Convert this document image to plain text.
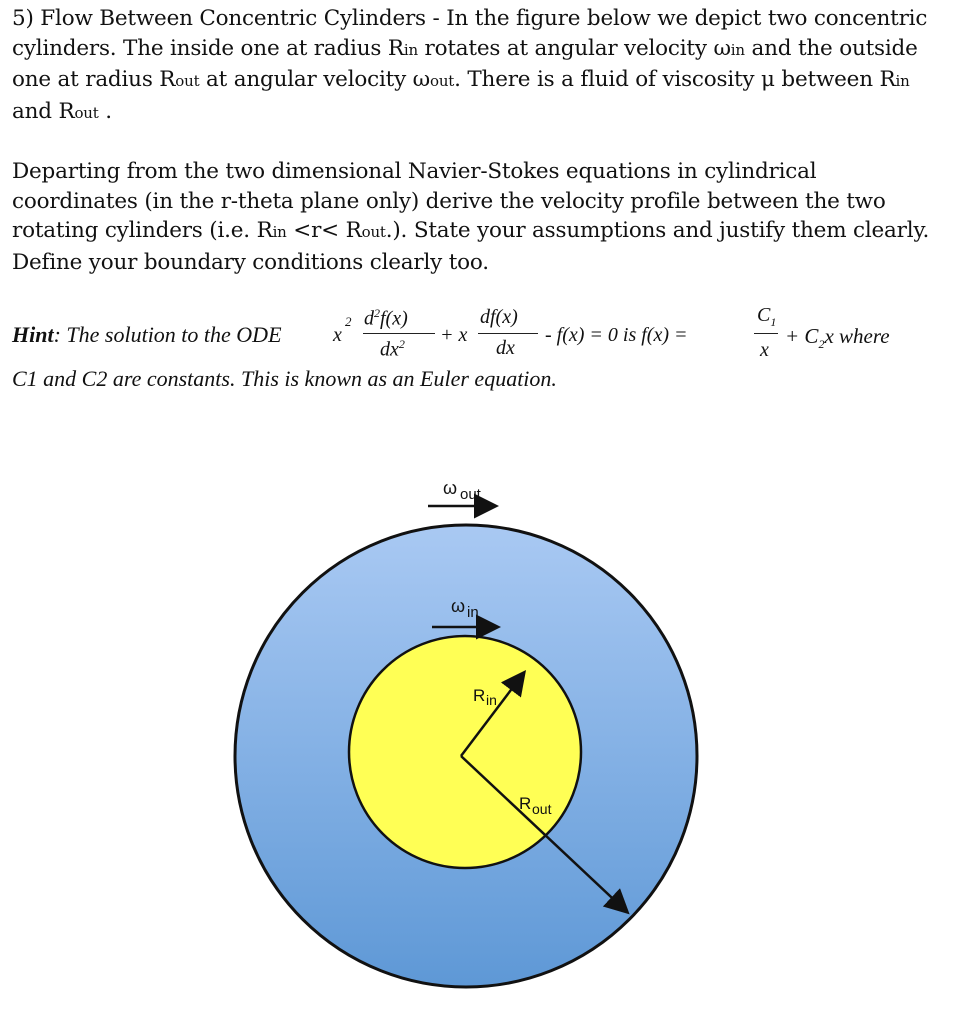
5) Flow Between Concentric Cylinders - In the figure below we depict two concentric cylinders. The inside one at radius Rin rotates at angular velocity ωin and the outside one at radius Rout at angular velocity ωout. There is a fluid of viscosity μ between Rin and Rout .
Departing from the two dimensional Navier-Stokes equations in cylindrical coordinates (in the r-theta plane only) derive the velocity profile between the two rotating cylinders (i.e. Rin <r< Rout.). State your assumptions and justify them clearly. Define your boundary conditions clearly too.
Hint: The solution to the ODE	x
2 $d^2f(x)$
$dx^2 + x$
df(x)
dx
- f(x) = 0 is f(x) =
$C_1$
x
+ $C_2x$ where
C1 and C2 are constants. This is known as an Euler equation.
ω out
ω in
R in
R out
